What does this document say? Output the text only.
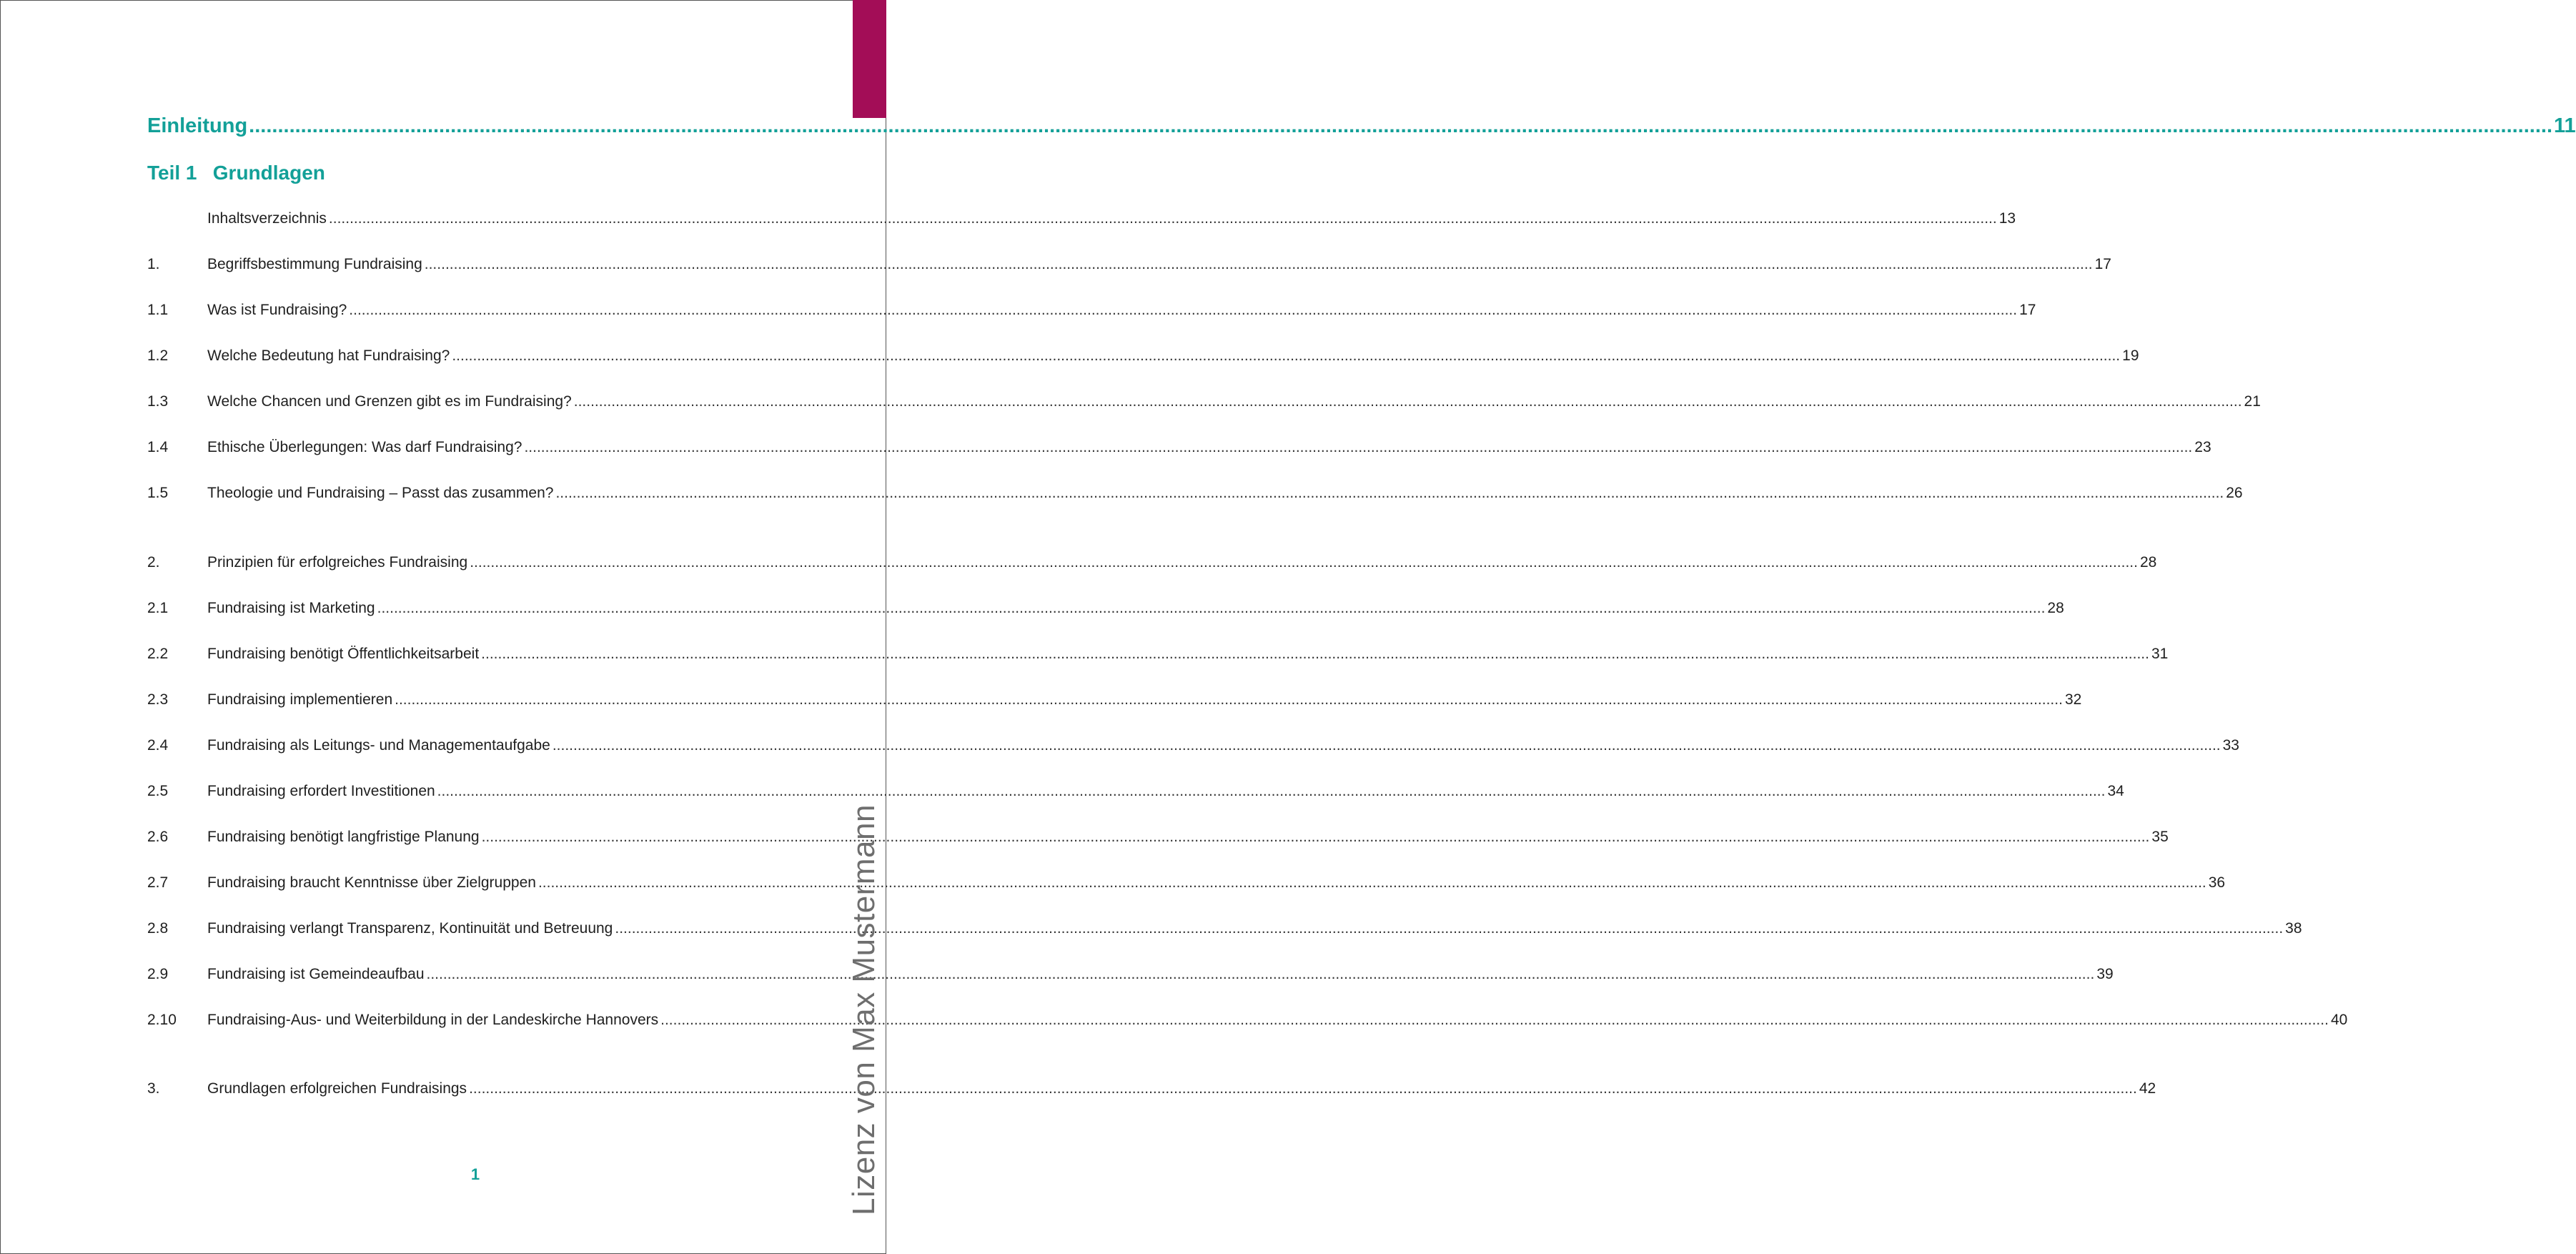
Einleitung ................................................................................................................................................................................................................................................................................................................................................................................................................ 11
Teil 1 Grundlagen
Inhaltsverzeichnis ................................................................................................................................................................................................................................................................................................................................................................................................................ 13
1.	Begriffsbestimmung Fundraising ................................................................................................................................................................................................................................................................................................................................................................................................................ 17
1.1	Was ist Fundraising? ................................................................................................................................................................................................................................................................................................................................................................................................................ 17
1.2	Welche Bedeutung hat Fundraising? ................................................................................................................................................................................................................................................................................................................................................................................................................ 19
1.3	Welche Chancen und Grenzen gibt es im Fundraising? ................................................................................................................................................................................................................................................................................................................................................................................................................ 21
1.4	Ethische Überlegungen: Was darf Fundraising? ................................................................................................................................................................................................................................................................................................................................................................................................................ 23
1.5	Theologie und Fundraising – Passt das zusammen? ................................................................................................................................................................................................................................................................................................................................................................................................................ 26
2.	Prinzipien für erfolgreiches Fundraising ................................................................................................................................................................................................................................................................................................................................................................................................................ 28
2.1	Fundraising ist Marketing ................................................................................................................................................................................................................................................................................................................................................................................................................ 28
2.2	Fundraising benötigt Öffentlichkeitsarbeit ................................................................................................................................................................................................................................................................................................................................................................................................................ 31
2.3	Fundraising implementieren ................................................................................................................................................................................................................................................................................................................................................................................................................ 32
2.4	Fundraising als Leitungs- und Managementaufgabe ................................................................................................................................................................................................................................................................................................................................................................................................................ 33
2.5	Fundraising erfordert Investitionen ................................................................................................................................................................................................................................................................................................................................................................................................................ 34
2.6	Fundraising benötigt langfristige Planung ................................................................................................................................................................................................................................................................................................................................................................................................................ 35
2.7	Fundraising braucht Kenntnisse über Zielgruppen ................................................................................................................................................................................................................................................................................................................................................................................................................ 36
2.8	Fundraising verlangt Transparenz, Kontinuität und Betreuung ................................................................................................................................................................................................................................................................................................................................................................................................................ 38
2.9	Fundraising ist Gemeindeaufbau ................................................................................................................................................................................................................................................................................................................................................................................................................ 39
2.10	Fundraising-Aus- und Weiterbildung in der Landeskirche Hannovers ................................................................................................................................................................................................................................................................................................................................................................................................................ 40
3.	Grundlagen erfolgreichen Fundraisings ................................................................................................................................................................................................................................................................................................................................................................................................................ 42
1	Lizenz von Max Mustermann
